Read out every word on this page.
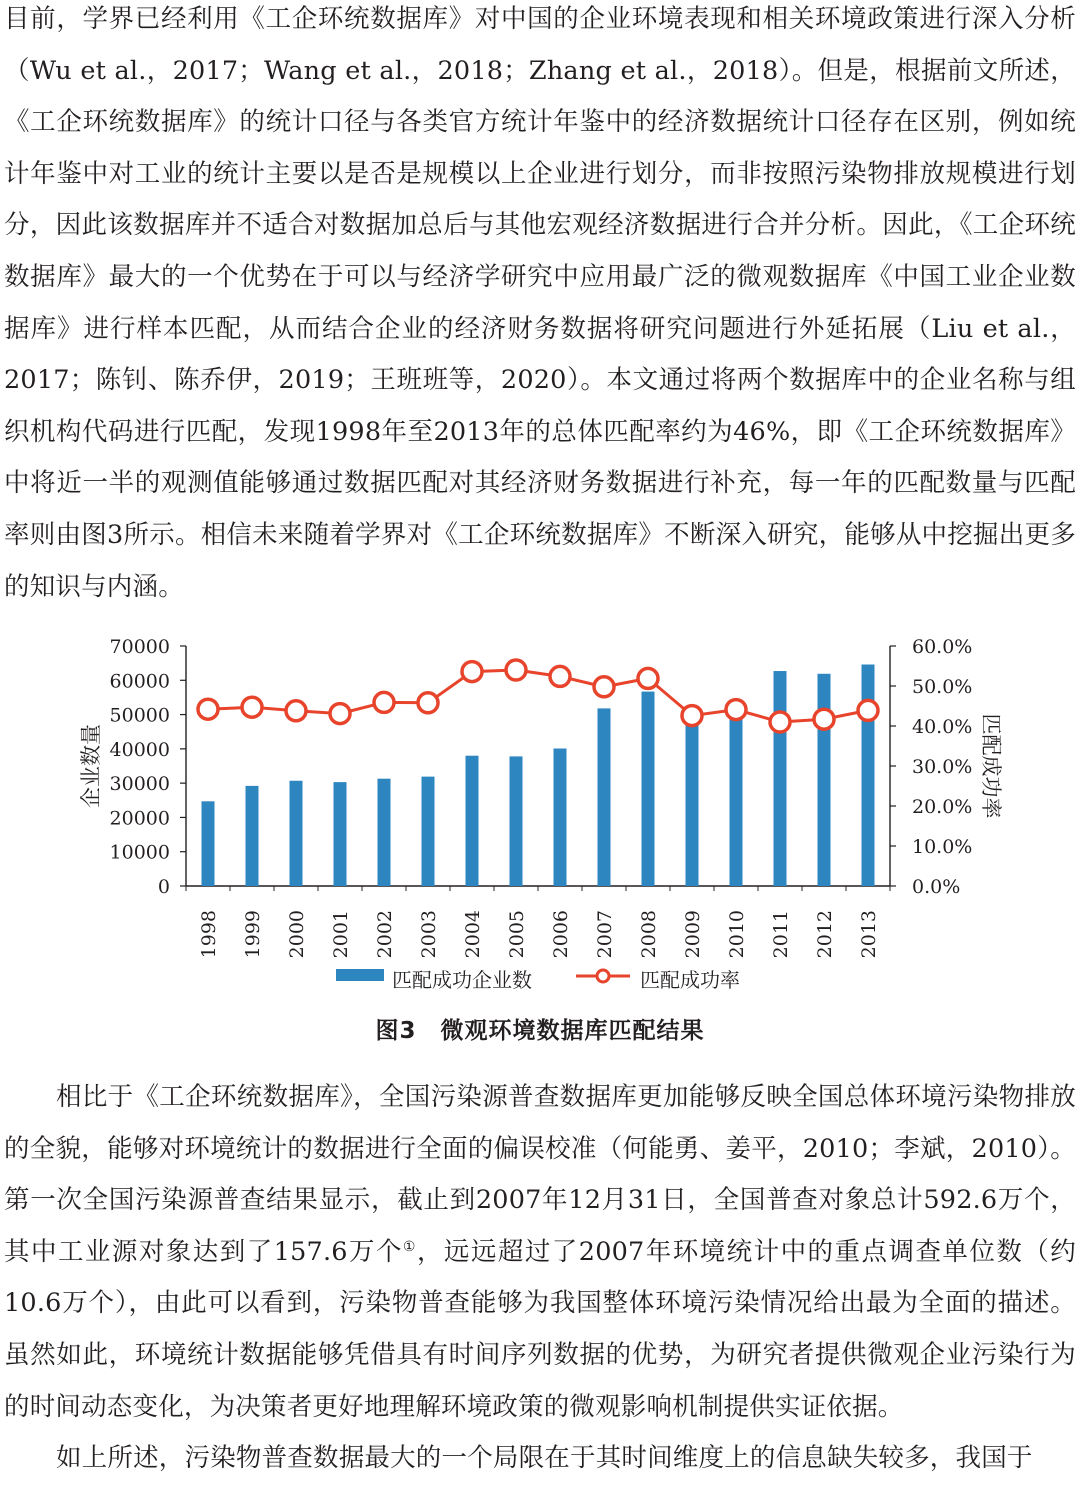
目前，学界已经利用《工企环统数据库》对中国的企业环境表现和相关环境政策进行深入分析（Wu et al.，2017；Wang et al.，2018；Zhang et al.，2018）。但是，根据前文所述，《工企环统数据库》的统计口径与各类官方统计年鉴中的经济数据统计口径存在区别，例如统计年鉴中对工业的统计主要以是否是规模以上企业进行划分，而非按照污染物排放规模进行划分，因此该数据库并不适合对数据加总后与其他宏观经济数据进行合并分析。因此，《工企环统数据库》最大的一个优势在于可以与经济学研究中应用最广泛的微观数据库《中国工业企业数据库》进行样本匹配，从而结合企业的经济财务数据将研究问题进行外延拓展（Liu et al.，2017；陈钊、陈乔伊，2019；王班班等，2020）。本文通过将两个数据库中的企业名称与组织机构代码进行匹配，发现1998年至2013年的总体匹配率约为46%，即《工企环统数据库》中将近一半的观测值能够通过数据匹配对其经济财务数据进行补充，每一年的匹配数量与匹配率则由图3所示。相信未来随着学界对《工企环统数据库》不断深入研究，能够从中挖掘出更多的知识与内涵。

0
10000
20000
30000
40000
50000
60000
70000
0.0%
10.0%
20.0%
30.0%
40.0%
50.0%
60.0%
企业数量	匹配成功率
1998 1999 2000 2001 2002 2003 2004 2005 2006 2007 2008 2009 2010 2011 2012 2013
匹配成功企业数	匹配成功率
图3　微观环境数据库匹配结果

相比于《工企环统数据库》，全国污染源普查数据库更加能够反映全国总体环境污染物排放的全貌，能够对环境统计的数据进行全面的偏误校准（何能勇、姜平，2010；李斌，2010）。第一次全国污染源普查结果显示，截止到2007年12月31日，全国普查对象总计592.6万个，其中工业源对象达到了157.6万个①，远远超过了2007年环境统计中的重点调查单位数（约10.6万个），由此可以看到，污染物普查能够为我国整体环境污染情况给出最为全面的描述。虽然如此，环境统计数据能够凭借具有时间序列数据的优势，为研究者提供微观企业污染行为的时间动态变化，为决策者更好地理解环境政策的微观影响机制提供实证依据。

如上所述，污染物普查数据最大的一个局限在于其时间维度上的信息缺失较多，我国于
